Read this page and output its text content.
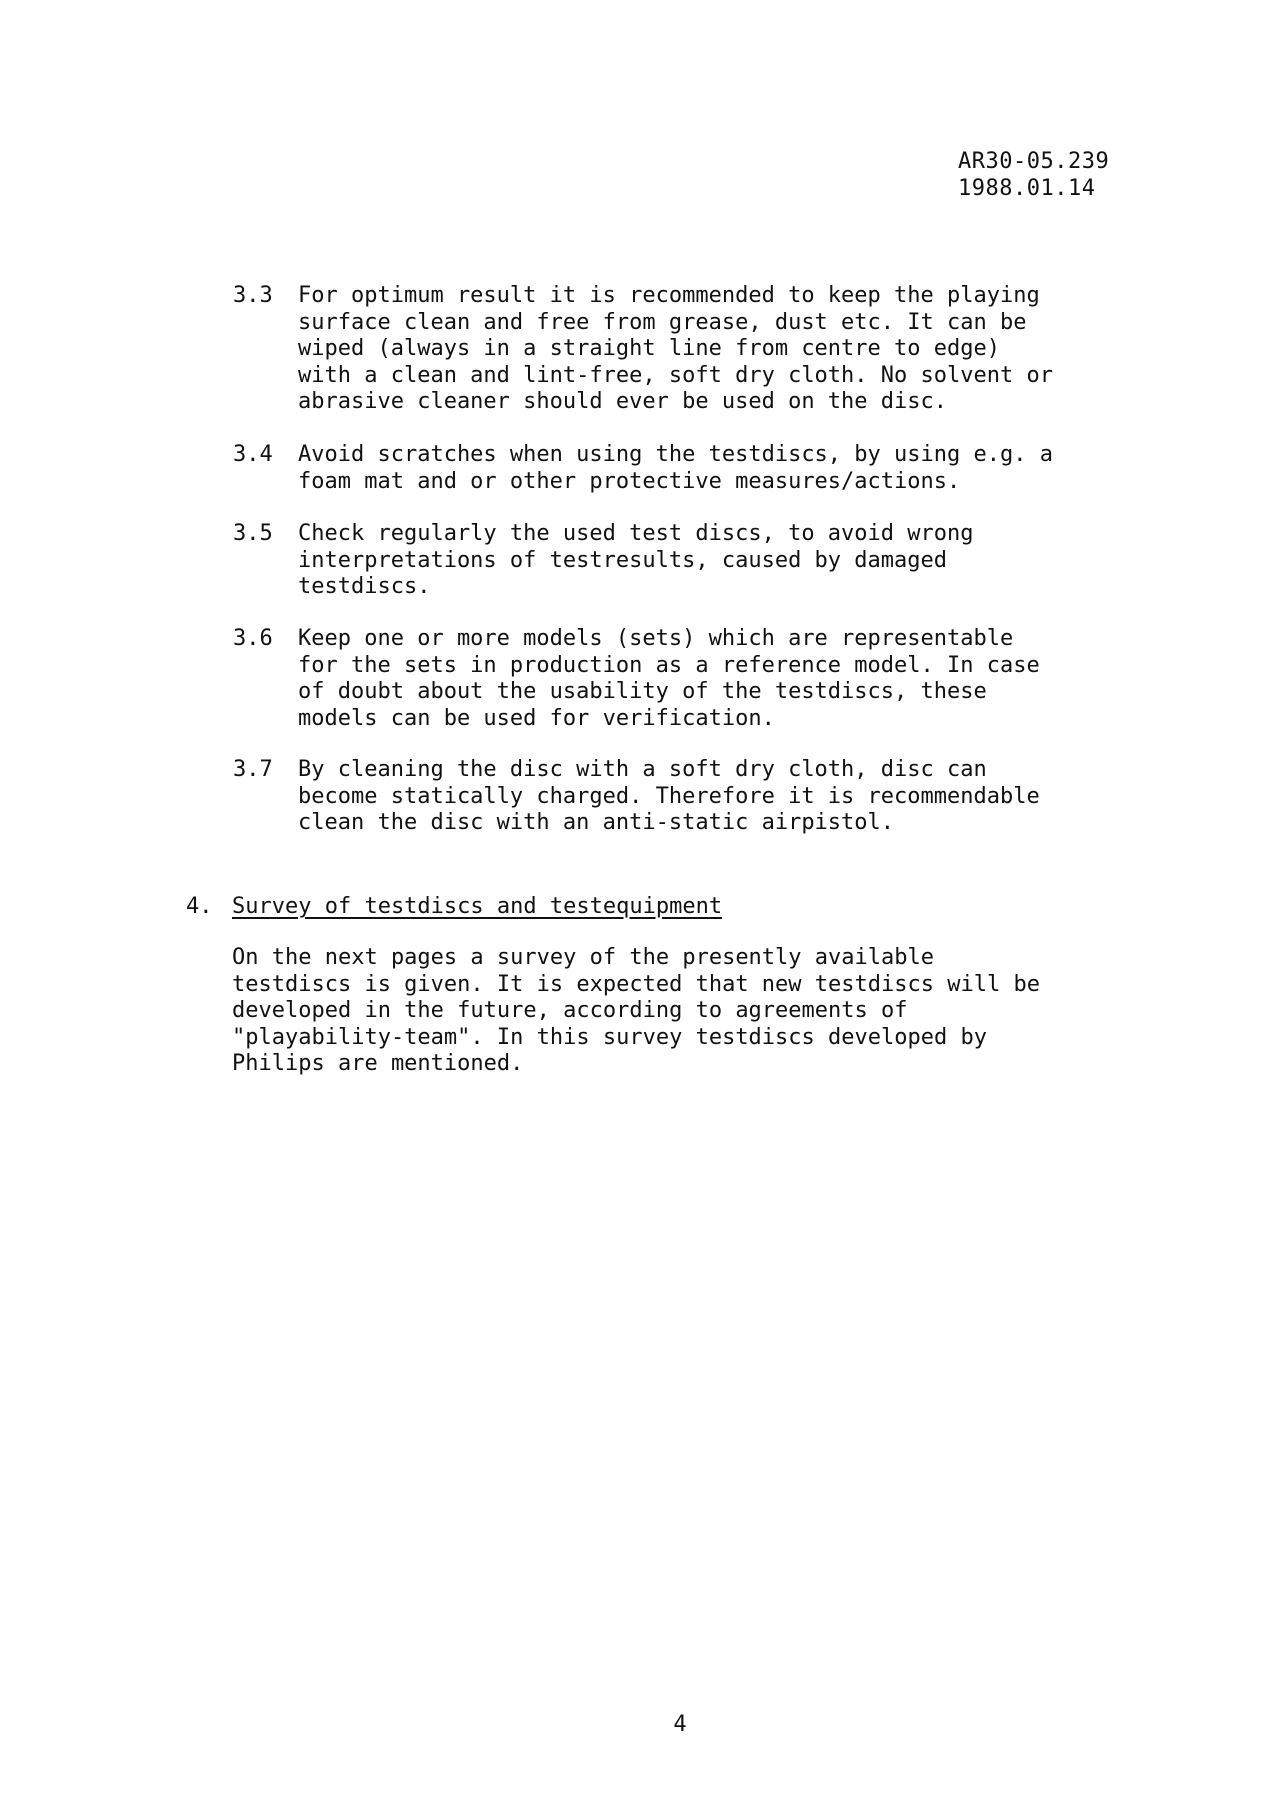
AR30-05.239
1988.01.14
3.3 For optimum result it is recommended to keep the playing
surface clean and free from grease, dust etc. It can be
wiped (always in a straight line from centre to edge)
with a clean and lint-free, soft dry cloth. No solvent or
abrasive cleaner should ever be used on the disc.
3.4 Avoid scratches when using the testdiscs, by using e.g. a
foam mat and or other protective measures/actions.
3.5 Check regularly the used test discs, to avoid wrong
interpretations of testresults, caused by damaged
testdiscs.
3.6 Keep one or more models (sets) which are representable
for the sets in production as a reference model. In case
of doubt about the usability of the testdiscs, these
models can be used for verification.
3.7 By cleaning the disc with a soft dry cloth, disc can
become statically charged. Therefore it is recommendable
clean the disc with an anti-static airpistol.
4. Survey of testdiscs and testequipment
On the next pages a survey of the presently available
testdiscs is given. It is expected that new testdiscs will be
developed in the future, according to agreements of
"playability-team". In this survey testdiscs developed by
Philips are mentioned.
4
